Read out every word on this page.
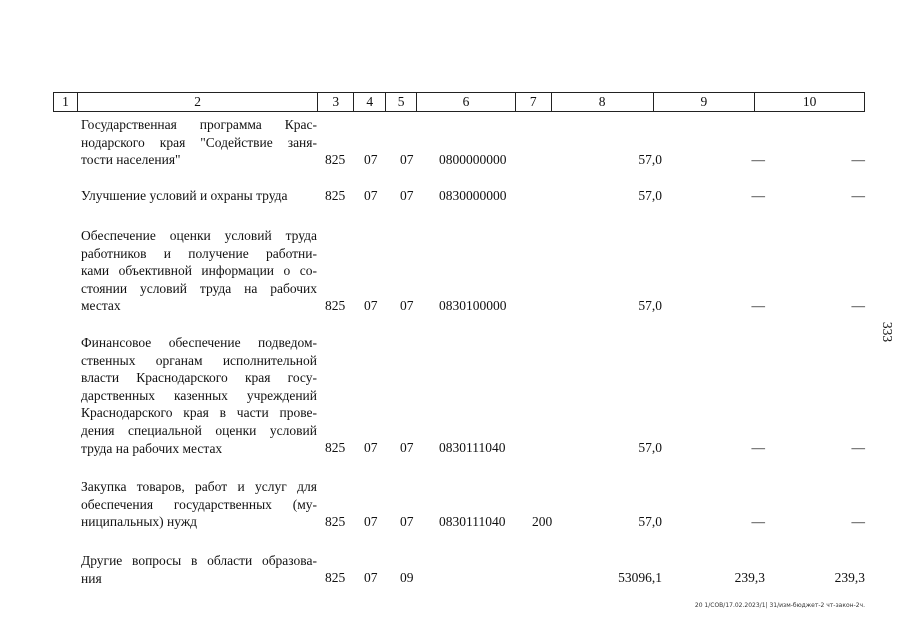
1	2	3	4	5	6	7	8	9	10
Государственная программа Крас-
нодарского края "Содействие заня-
тости населения"	825 07 07 0800000000	57,0	—	—
Улучшение условий и охраны труда	825 07 07 0830000000	57,0	—	—
Обеспечение оценки условий труда
работников и получение работни-
ками объективной информации о со-
стоянии условий труда на рабочих
местах	825 07 07 0830100000	57,0	—	—
Финансовое обеспечение подведом-
ственных органам исполнительной
власти Краснодарского края госу-
дарственных казенных учреждений
Краснодарского края в части прове-
дения специальной оценки условий
труда на рабочих местах	825 07 07 0830111040	57,0	—	—
Закупка товаров, работ и услуг для
обеспечения государственных (му-
ниципальных) нужд	825 07 07 0830111040 200	57,0	—	—
Другие вопросы в области образова-
ния	825 07 09	53096,1	239,3	239,3
333
20 1/СОВ/17.02.2023/1| 31/изм-бюджет-2 чт-закон-2ч.
